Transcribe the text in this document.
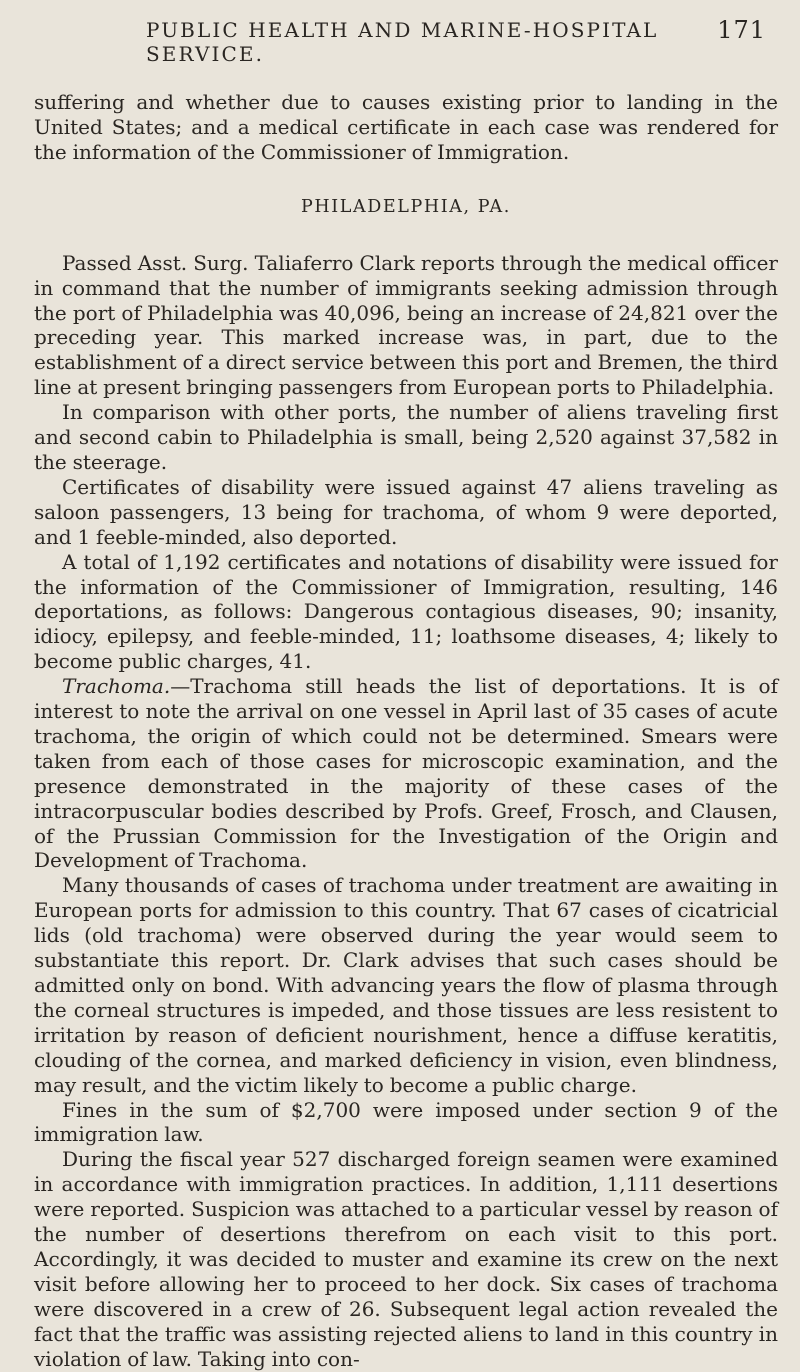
PUBLIC HEALTH AND MARINE-HOSPITAL SERVICE.
171

suffering and whether due to causes existing prior to landing in the United States; and a medical certificate in each case was rendered for the information of the Commissioner of Immigration.

PHILADELPHIA, PA.

Passed Asst. Surg. Taliaferro Clark reports through the medical officer in command that the number of immigrants seeking admission through the port of Philadelphia was 40,096, being an increase of 24,821 over the preceding year. This marked increase was, in part, due to the establishment of a direct service between this port and Bremen, the third line at present bringing passengers from European ports to Philadelphia.

In comparison with other ports, the number of aliens traveling first and second cabin to Philadelphia is small, being 2,520 against 37,582 in the steerage.

Certificates of disability were issued against 47 aliens traveling as saloon passengers, 13 being for trachoma, of whom 9 were deported, and 1 feeble-minded, also deported.

A total of 1,192 certificates and notations of disability were issued for the information of the Commissioner of Immigration, resulting, 146 deportations, as follows: Dangerous contagious diseases, 90; insanity, idiocy, epilepsy, and feeble-minded, 11; loathsome diseases, 4; likely to become public charges, 41.

Trachoma.—Trachoma still heads the list of deportations. It is of interest to note the arrival on one vessel in April last of 35 cases of acute trachoma, the origin of which could not be determined. Smears were taken from each of those cases for microscopic examination, and the presence demonstrated in the majority of these cases of the intracorpuscular bodies described by Profs. Greef, Frosch, and Clausen, of the Prussian Commission for the Investigation of the Origin and Development of Trachoma.

Many thousands of cases of trachoma under treatment are awaiting in European ports for admission to this country. That 67 cases of cicatricial lids (old trachoma) were observed during the year would seem to substantiate this report. Dr. Clark advises that such cases should be admitted only on bond. With advancing years the flow of plasma through the corneal structures is impeded, and those tissues are less resistent to irritation by reason of deficient nourishment, hence a diffuse keratitis, clouding of the cornea, and marked deficiency in vision, even blindness, may result, and the victim likely to become a public charge.

Fines in the sum of $2,700 were imposed under section 9 of the immigration law.

During the fiscal year 527 discharged foreign seamen were examined in accordance with immigration practices. In addition, 1,111 desertions were reported. Suspicion was attached to a particular vessel by reason of the number of desertions therefrom on each visit to this port. Accordingly, it was decided to muster and examine its crew on the next visit before allowing her to proceed to her dock. Six cases of trachoma were discovered in a crew of 26. Subsequent legal action revealed the fact that the traffic was assisting rejected aliens to land in this country in violation of law. Taking into con-
